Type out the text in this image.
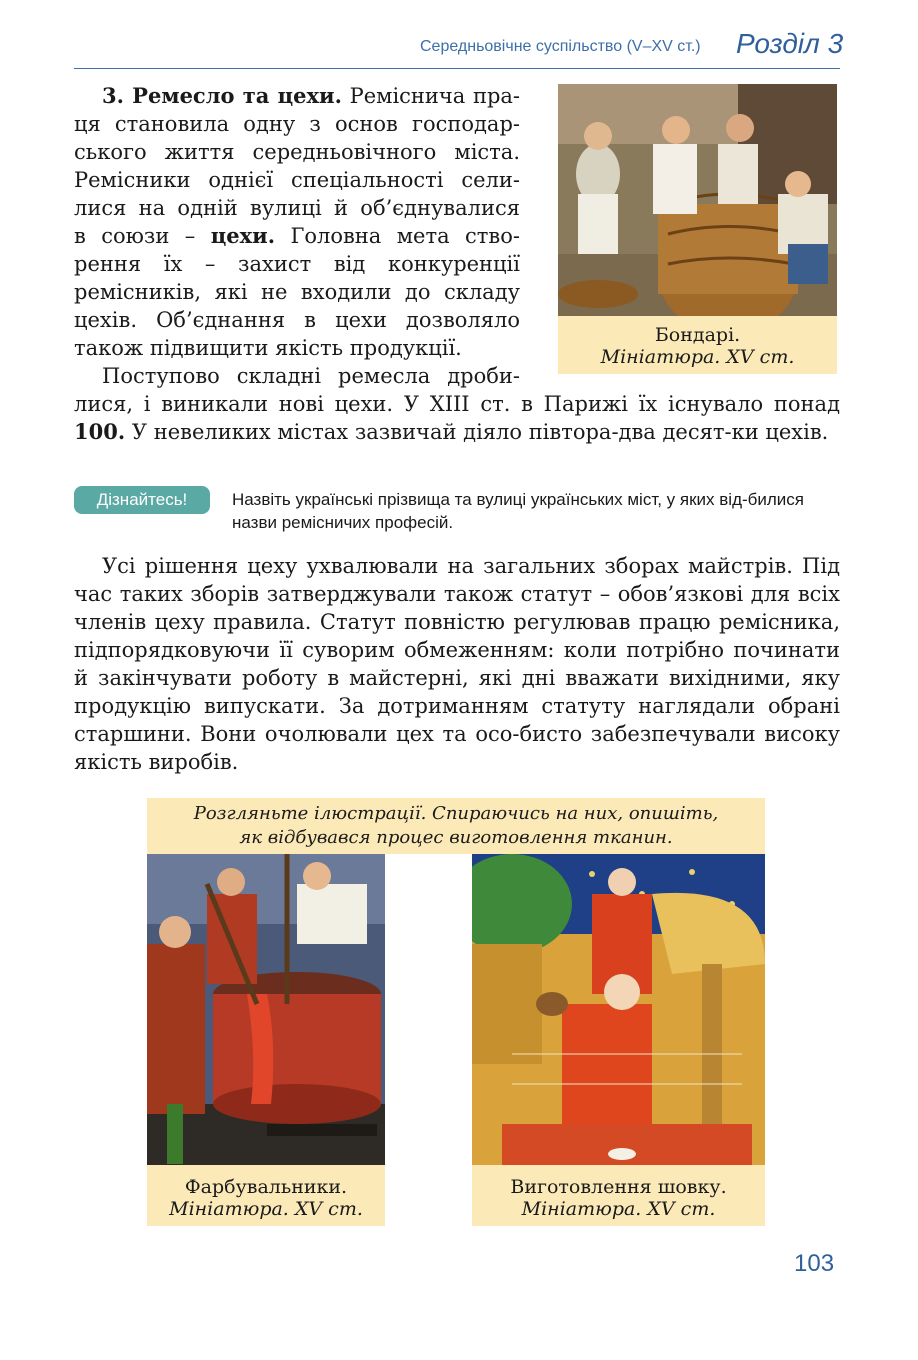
Середньовічне суспільство (V–XV ст.) Розділ 3
3. Ремесло та цехи. Реміснича пра-
ця становила одну з основ господар-
ського життя середньовічного міста.
Ремісники однієї спеціальності сели-
лися на одній вулиці й об’єднувалися
в союзи – цехи. Головна мета ство-
рення їх – захист від конкуренції
ремісників, які не входили до складу
цехів. Об’єднання в цехи дозволяло
також підвищити якість продукції.
Поступово складні ремесла дроби-
лися, і виникали нові цехи. У XIII ст. в Парижі їх існувало понад 100. У невеликих містах зазвичай діяло півтора-два десят-ки цехів.
Бондарі.
Мініатюра. XV ст.
Дізнайтесь!	Назвіть українські прізвища та вулиці українських міст, у яких від-билися назви ремісничих професій.
Усі рішення цеху ухвалювали на загальних зборах майстрів. Під час таких зборів затверджували також статут – обов’язкові для всіх членів цеху правила. Статут повністю регулював працю ремісника, підпорядковуючи її суворим обмеженням: коли потрібно починати й закінчувати роботу в майстерні, які дні вважати вихідними, яку продукцію випускати. За дотриманням статуту наглядали обрані старшини. Вони очолювали цех та осо-бисто забезпечували високу якість виробів.
Розгляньте ілюстрації. Спираючись на них, опишіть,
як відбувався процес виготовлення тканин.
Фарбувальники.
Мініатюра. XV ст.
Виготовлення шовку.
Мініатюра. XV ст.
103
